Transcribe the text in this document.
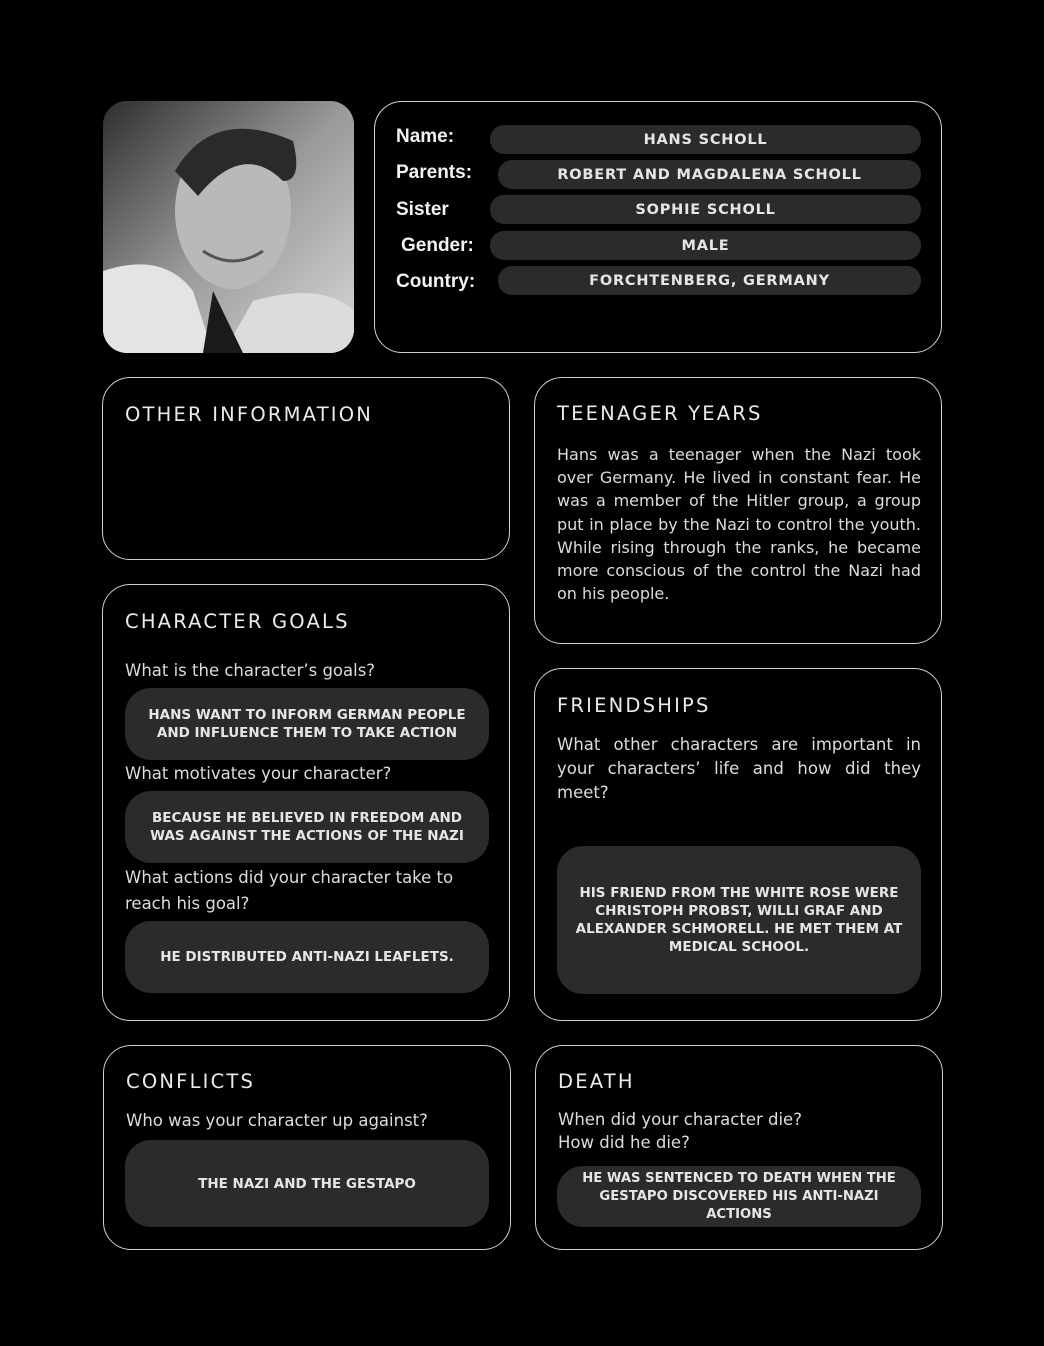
Name:	HANS SCHOLL
Parents:	ROBERT AND MAGDALENA SCHOLL
Sister	SOPHIE SCHOLL
Gender:	MALE
Country:	FORCHTENBERG, GERMANY
OTHER INFORMATION	TEENAGER YEARS
Hans was a teenager when the Nazi took over Germany. He lived in constant fear. He was a member of the Hitler group, a group put in place by the Nazi to control the youth. While rising through the ranks, he became more conscious of the control the Nazi had on his people.
CHARACTER GOALS
What is the character’s goals?
HANS WANT TO INFORM GERMAN PEOPLE AND INFLUENCE THEM TO TAKE ACTION
What motivates your character?
BECAUSE HE BELIEVED IN FREEDOM AND WAS AGAINST THE ACTIONS OF THE NAZI
What actions did your character take to reach his goal?
HE DISTRIBUTED ANTI-NAZI LEAFLETS.
FRIENDSHIPS
What other characters are important in your characters’ life and how did they meet?
HIS FRIEND FROM THE WHITE ROSE WERE CHRISTOPH PROBST, WILLI GRAF AND ALEXANDER SCHMORELL. HE MET THEM AT MEDICAL SCHOOL.
CONFLICTS
Who was your character up against?
THE NAZI AND THE GESTAPO
DEATH
When did your character die?
How did he die?
HE WAS SENTENCED TO DEATH WHEN THE GESTAPO DISCOVERED HIS ANTI-NAZI ACTIONS
